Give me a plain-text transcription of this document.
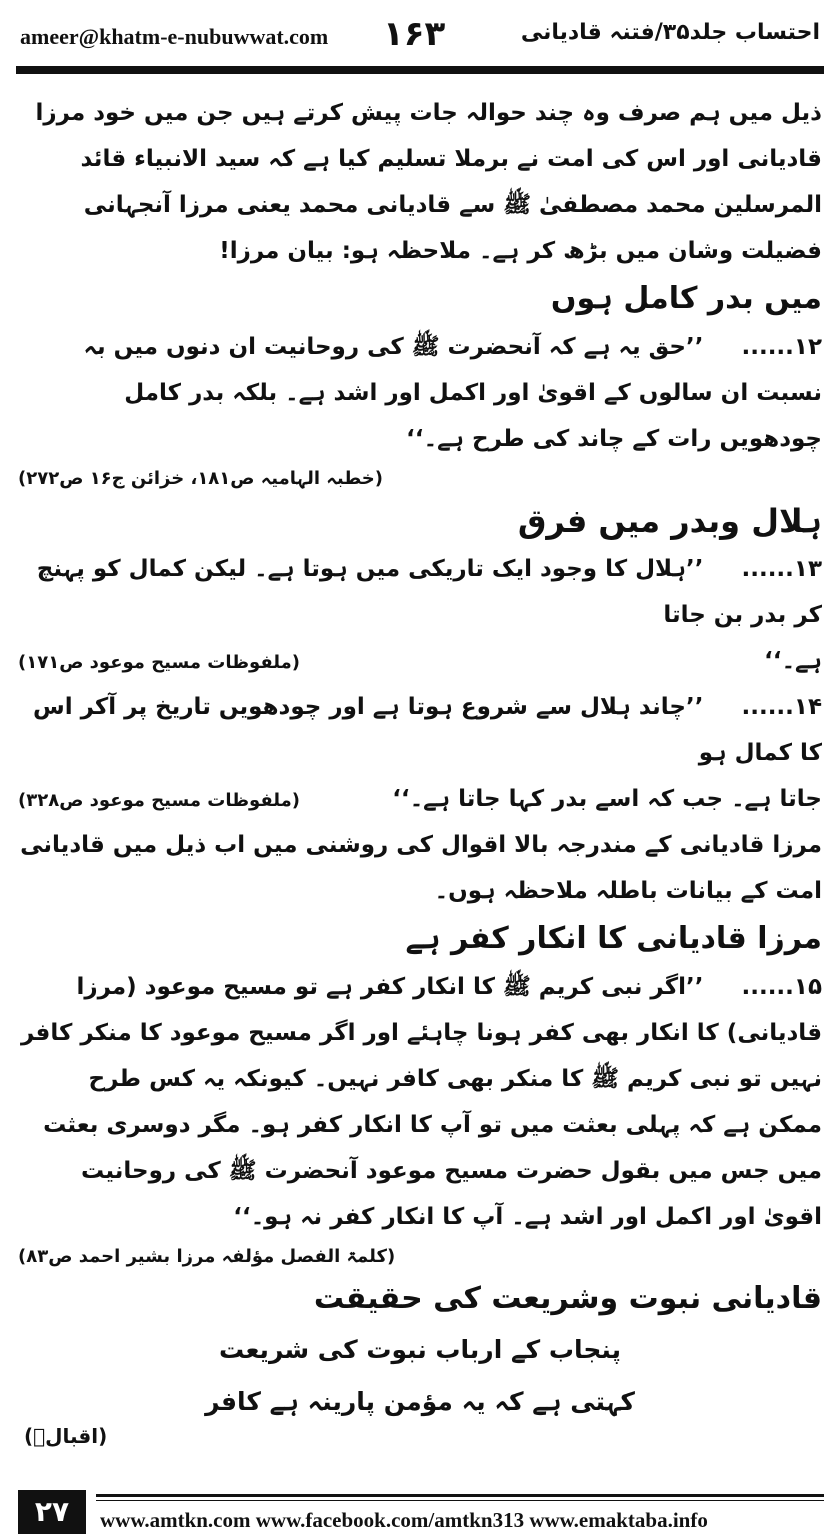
ameer@khatm-e-nubuwwat.com ۱۶۳	احتساب جلد۳۵/فتنہ قادیانی

ذیل میں ہم صرف وہ چند حوالہ جات پیش کرتے ہیں جن میں خود مرزا قادیانی اور اس کی امت نے برملا تسلیم کیا ہے کہ سید الانبیاء قائد المرسلین محمد مصطفیٰ ﷺ سے قادیانی محمد یعنی مرزا آنجہانی فضیلت وشان میں بڑھ کر ہے۔ ملاحظہ ہو: بیان مرزا!

میں بدر کامل ہوں

۱۲...... ’’حق یہ ہے کہ آنحضرت ﷺ کی روحانیت ان دنوں میں بہ نسبت ان سالوں کے اقویٰ اور اکمل اور اشد ہے۔ بلکہ بدر کامل چودھویں رات کے چاند کی طرح ہے۔‘‘

(خطبہ الہامیہ ص۱۸۱، خزائن ج۱۶ ص۲۷۲)
ہلال وبدر میں فرق

۱۳...... ’’ہلال کا وجود ایک تاریکی میں ہوتا ہے۔ لیکن کمال کو پہنچ کر بدر بن جاتا

ہے۔‘‘
(ملفوظات مسیح موعود ص۱۷۱)

۱۴...... ’’چاند ہلال سے شروع ہوتا ہے اور چودھویں تاریخ پر آکر اس کا کمال ہو

جاتا ہے۔ جب کہ اسے بدر کہا جاتا ہے۔‘‘
(ملفوظات مسیح موعود ص۳۲۸)

مرزا قادیانی کے مندرجہ بالا اقوال کی روشنی میں اب ذیل میں قادیانی امت کے بیانات باطلہ ملاحظہ ہوں۔

مرزا قادیانی کا انکار کفر ہے

۱۵...... ’’اگر نبی کریم ﷺ کا انکار کفر ہے تو مسیح موعود (مرزا قادیانی) کا انکار بھی کفر ہونا چاہئے اور اگر مسیح موعود کا منکر کافر نہیں تو نبی کریم ﷺ کا منکر بھی کافر نہیں۔ کیونکہ یہ کس طرح ممکن ہے کہ پہلی بعثت میں تو آپ کا انکار کفر ہو۔ مگر دوسری بعثت میں جس میں بقول حضرت مسیح موعود آنحضرت ﷺ کی روحانیت اقویٰ اور اکمل اور اشد ہے۔ آپ کا انکار کفر نہ ہو۔‘‘

(کلمۃ الفصل مؤلفہ مرزا بشیر احمد ص۸۳)
قادیانی نبوت وشریعت کی حقیقت
پنجاب کے ارباب نبوت کی شریعت
کہتی ہے کہ یہ مؤمن پارینہ ہے کافر
(اقبالؒ)
۲۷	www.amtkn.com www.facebook.com/amtkn313 www.emaktaba.info
